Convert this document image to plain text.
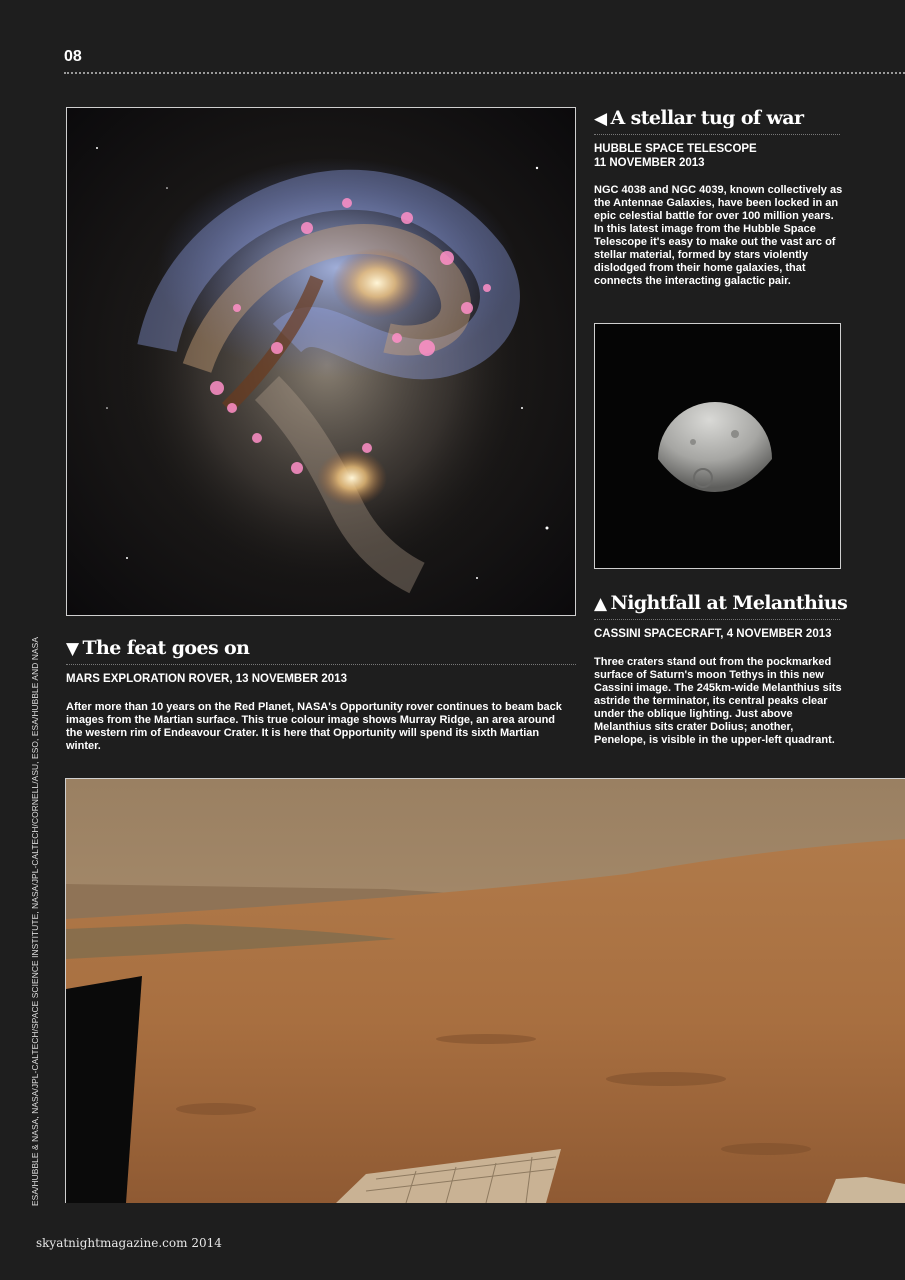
08
◀ A stellar tug of war
HUBBLE SPACE TELESCOPE
11 NOVEMBER 2013
NGC 4038 and NGC 4039, known collectively as the Antennae Galaxies, have been locked in an epic celestial battle for over 100 million years. In this latest image from the Hubble Space Telescope it's easy to make out the vast arc of stellar material, formed by stars violently dislodged from their home galaxies, that connects the interacting galactic pair.
▲ Nightfall at Melanthius
CASSINI SPACECRAFT, 4 NOVEMBER 2013
Three craters stand out from the pockmarked surface of Saturn's moon Tethys in this new Cassini image. The 245km-wide Melanthius sits astride the terminator, its central peaks clear under the oblique lighting. Just above Melanthius sits crater Dolius; another, Penelope, is visible in the upper-left quadrant.
▼ The feat goes on
MARS EXPLORATION ROVER, 13 NOVEMBER 2013
After more than 10 years on the Red Planet, NASA's Opportunity rover continues to beam back images from the Martian surface. This true colour image shows Murray Ridge, an area around the western rim of Endeavour Crater. It is here that Opportunity will spend its sixth Martian winter.
ESA/HUBBLE & NASA, NASA/JPL-CALTECH/SPACE SCIENCE INSTITUTE, NASA/JPL-CALTECH/CORNELL/ASU, ESO, ESA/HUBBLE AND NASA
skyatnightmagazine.com 2014
